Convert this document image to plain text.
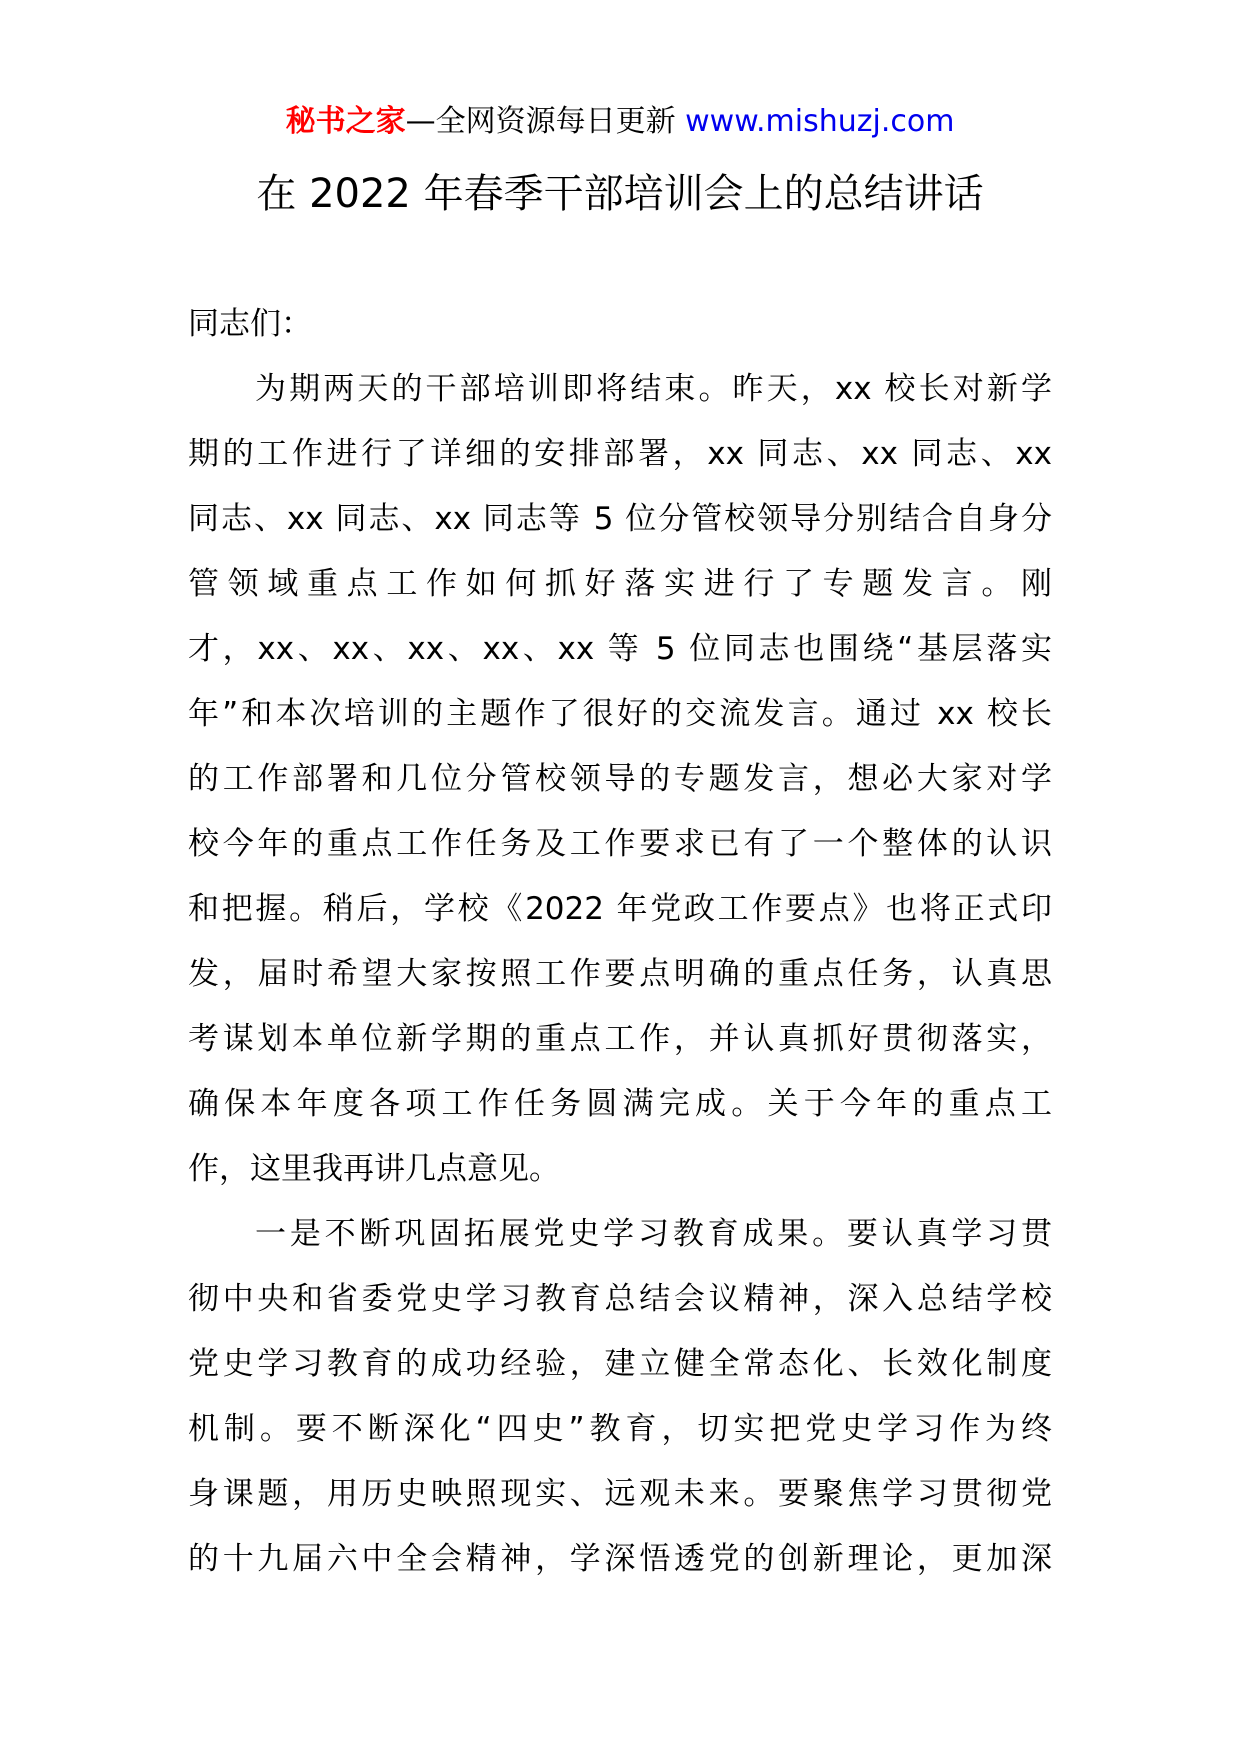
秘书之家—全网资源每日更新 www.mishuzj.com
在 2022 年春季干部培训会上的总结讲话
同志们：
为期两天的干部培训即将结束。昨天，xx 校长对新学
期的工作进行了详细的安排部署，xx 同志、xx 同志、xx
同志、xx 同志、xx 同志等 5 位分管校领导分别结合自身分
管领域重点工作如何抓好落实进行了专题发言。刚
才，xx、xx、xx、xx、xx 等 5 位同志也围绕“基层落实
年”和本次培训的主题作了很好的交流发言。通过 xx 校长
的工作部署和几位分管校领导的专题发言，想必大家对学
校今年的重点工作任务及工作要求已有了一个整体的认识
和把握。稍后，学校《2022 年党政工作要点》也将正式印
发，届时希望大家按照工作要点明确的重点任务，认真思
考谋划本单位新学期的重点工作，并认真抓好贯彻落实，
确保本年度各项工作任务圆满完成。关于今年的重点工
作，这里我再讲几点意见。
一是不断巩固拓展党史学习教育成果。要认真学习贯
彻中央和省委党史学习教育总结会议精神，深入总结学校
党史学习教育的成功经验，建立健全常态化、长效化制度
机制。要不断深化“四史”教育，切实把党史学习作为终
身课题，用历史映照现实、远观未来。要聚焦学习贯彻党
的十九届六中全会精神，学深悟透党的创新理论，更加深
